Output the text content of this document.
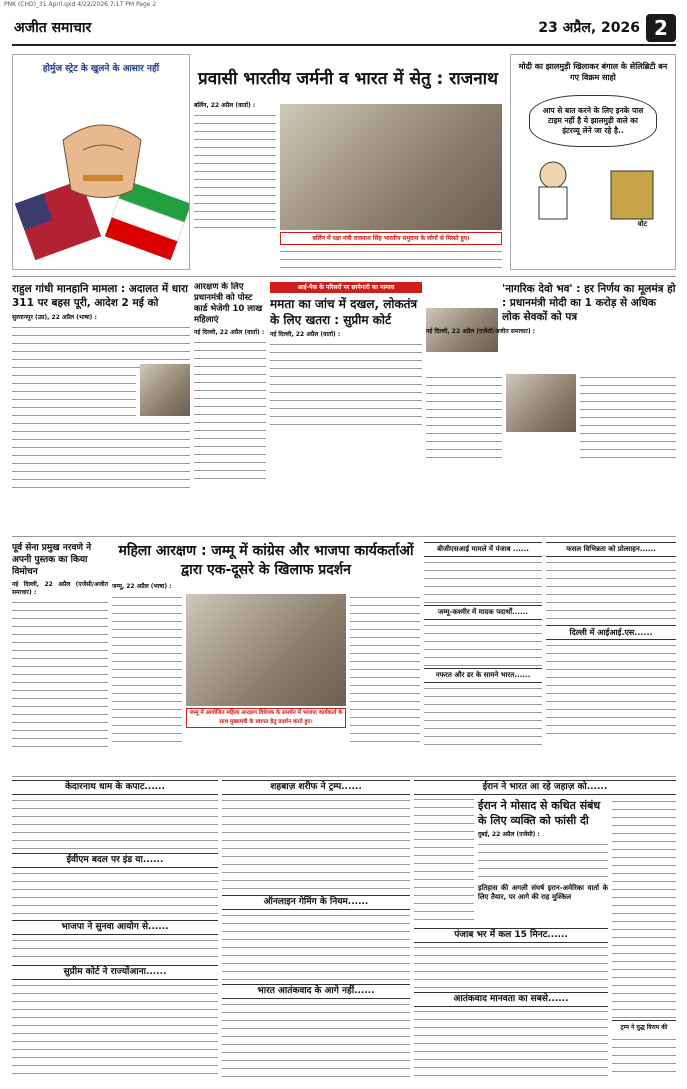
PNK (CHD)_31 April.qxd 4/22/2026 7:17 PM Page 2
अजीत समाचार	23 अप्रैल, 2026 2
होर्मुज स्ट्रेट के खुलने के आसार नहीं	प्रवासी भारतीय जर्मनी व भारत में सेतु : राजनाथ
बर्लिन, 22 अप्रैल (वार्ता) :
बर्लिन में रक्षा मंत्री राजनाथ सिंह भारतीय समुदाय के लोगों से मिलते हुए।
मोदी का झालमुड़ी खिलाकर बंगाल के सेलिब्रिटी बन गए विक्रम साहो
आप से बात करने के लिए इनके पास टाइम नहीं है ये झालमुड़ी वाले का इंटरव्यू लेने जा रहे है..
वोट
राहुल गांधी मानहानि मामला : अदालत में धारा 311 पर बहस पूरी, आदेश 2 मई को
सुल्तानपुर (उप्र), 22 अप्रैल (भाषा) :
आरक्षण के लिए प्रधानमंत्री को पोस्ट कार्ड भेजेगी 10 लाख महिलाएं
नई दिल्ली, 22 अप्रैल (वार्ता) :
आई-पैक के परिसरों पर छापेमारी का मामला
ममता का जांच में दखल, लोकतंत्र के लिए खतरा : सुप्रीम कोर्ट
नई दिल्ली, 22 अप्रैल (वार्ता) :
'नागरिक देवो भव' : हर निर्णय का मूलमंत्र हो : प्रधानमंत्री मोदी का 1 करोड़ से अधिक लोक सेवकों को पत्र
नई दिल्ली, 22 अप्रैल (एजेंसी/अजीत समाचार) :
पूर्व सेना प्रमुख नरवणे ने अपनी पुस्तक का किया विमोचन
नई दिल्ली, 22 अप्रैल (एजेंसी/अजीत समाचार) :
महिला आरक्षण : जम्मू में कांग्रेस और भाजपा कार्यकर्ताओं द्वारा एक-दूसरे के खिलाफ प्रदर्शन
जम्मू, 22 अप्रैल (भाषा) :
जम्मू में आयोजित महिला आरक्षण विधेयक के समर्थन में भाजपा कार्यकर्ता के साथ मुख्यमंत्री के स्वागत हेतु प्रदर्शन करते हुए।
बीजीएसआई मामले में पंजाब ......
जम्मू-कश्मीर में मादक पदार्थों......
नफरत और डर के सामने भारत......
फसल विभिन्नता को प्रोत्साहन......
दिल्ली में आईआई.एस......
केदारनाथ धाम के कपाट......
ईवीएम बदल पर इंड या......
भाजपा ने सुनवा आयोग से......
सुप्रीम कोर्ट ने राज्योंआना......
शहबाज़ शरीफ ने ट्रम्प......
ऑनलाइन गेमिंग के नियम......
भारत आतंकवाद के आगे नहीं......
ईरान ने भारत आ रहे जहाज़ को......
ईरान ने मोसाद से कथित संबंध के लिए व्यक्ति को फांसी दी
दुबई, 22 अप्रैल (एजेंसी) :
इतिहास की अगली संघर्ष इरान-अमेरिका वार्ता के लिए तैयार, पर आगे की राह मुश्किल
पंजाब भर में कल 15 मिनट......
आतंकवाद मानवता का सबसे......
ट्रम्प ने युद्ध विराम की
